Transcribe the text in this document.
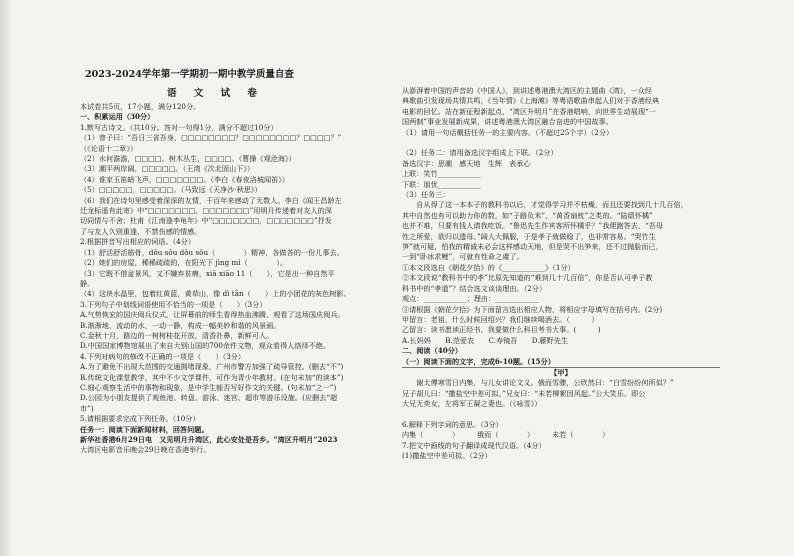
2023-2024学年第一学期初一期中教学质量自查
语 文 试 卷
本试卷共5页，17小题，满分120分。
一、积累运用（30分）
1.默写古诗文。（共10分。答对一句得1分，满分不超过10分）
（1）曾子曰：“吾日三省吾身，□□□□□□□□？□□□□□□□□？□□□□？”
（《论语十二章》）
（2）水何澹澹，□□□□。树木丛生，□□□□。（曹操《观沧海》）
（3）潮平两岸阔，□□□□□。（王湾《次北固山下》）
（4）谁家玉笛暗飞声，□□□□□□□。（李白《春夜洛城闻笛》）
（5）□□□□□，□□□□□。（马致远《天净沙·秋思》）
（6）我们在诗句里感受着深深的友情，千百年来感动了无数人。李白《闻王昌龄左
迁龙标遥有此寄》中“□□□□□□□，□□□□□□□”用明月传递着对友人的深
切同情与不舍；杜甫《江南逢李龟年》中“□□□□□□□，□□□□□□□”抒发
了与友人久别重逢、不禁伤感的情感。
2.根据拼音写出相应的词语。（4分）
（1）舒活舒活筋骨，dǒu sǒu dǒu sǒu（　　　　）精神，各做各的一份儿事去。
（2）她们的房屋，稀稀疏疏的，在阳光下 jìng mì（　　　　）。
（3）它既不借盆景风，又不嫌弃贫瘠，xiā xiāo 11（　　），它是出一种自然平
静。
（4）这块水晶里，包着红黄蓝，黄草山，像 dì tǎn（　　）上的小团花的灰色树影。
3.下列句子中划线词语使用不恰当的一项是（　　）（3分）
A.气势恢宏的国庆阅兵仪式，让屏幕前的师生看得热血沸腾，观看了这场国庆阅兵。
B.渐渐地，流动的水，一动一静，构成一幅美妙和谐的风景画。
C.金秋十月，路边的一树树桂花开放，清香扑鼻，新鲜可人。
D.中国国家博物馆展出了来自大别山国的700余件文物，观众看得人络绎不绝。
4.下列对病句的修改不正确的一项是（　　）（3分）
A.为了避免不出现大范围的交通拥堵现象，广州市警方加强了疏导管控。(删去“不”)
B.传统文化课堂教学，其中不少文学课件，可作为青少年教材。(在句末加“的读本”)
C.细心观察生活中的事物和现象，是中学生能否写好作文的关键。(句末加“之一”)
D.公园为小朋友提供了观鱼池、转盘、游泳、迷宫、超市等游乐设施。(应删去“超
市”)
5.请根据要求完成下列任务。（10分）
任务一：阅读下面新闻材料，回答问题。
新华社香港6月29日电　又见明月升湾区，此心安处是吾乡。“湾区升明月”2023
大湾区电影音乐晚会29日晚在香港举行。
从澎湃着中国的声音的《中国人》，到讲述粤港澳大湾区的主题曲《湾》，一众经
典歌曲引发现场共情共鸣，《当年情》《上海滩》等粤语歌曲串起人们对于香港经典
电影的回忆。站在新征程新起点，“湾区升明月”在香港唱响，向世界生动展现“一
国两制”事业发展新成果，讲述粤港澳大湾区融合奋进的中国故事。
（1）请用一句话概括任务一的主要内容。（不超过25个字）（2分）
（2）任务二：请用备选汉字组成上下联。（2分）
备选汉字：思潮　感天地　生辉　表承心
上联：笑竹____________
下联：朋忧____________
（3）任务三：
　　自从得了这一本本子的教科书以后，才觉得学习并不枯燥，而且还要找到几十几百倍，
其中自然也有可以助力你的数，如“子路负米”，“黄香扇枕”之类的。“陆绩怀橘”
也并不难，只要有钱人请我吃饭。“鲁迅先生作宾客所怀橘乎？”我便跑答去，“吾母
性之所爱，欲归以遗母。”阔人大佩服，于是孝子就做稳了，也非常容易。“哭竹生
笋”就可疑，怕我的精诚未必会这样感动天地，但是哭不出笋来，还不过抛脸而已，
一到“卧冰求鲤”，可就有性命之虞了。
①本文段选自《朝花夕拾》的《____________》（1分）
②本文段说“教科书中的孝”比原先知道的“难到几十几百倍”，你是否认可孝子教
科书中的“孝道”？结合选文谈谈理由。（2分）
观点：____________；理由：____________
③请根据《朝花夕拾》为下面留言选出相应人物，将相应字母填写在括号内。(2分)
甲留言：老祖，什么时候回绍兴？我们继续喝酒去。（　　　）
乙留言：读书愿读正经书，我要做什么科目考书大事。(　　　)
A.长妈妈　　B.范爱农　　C.寿镜吾　　D.藤野先生
二、阅读（40分）
（一）阅读下面的文字，完成6-10题。（15分）
【甲】
　　谢太傅寒雪日内集，与儿女讲论文义。俄而雪骤，公欣然曰：“白雪纷纷何所似？”
兄子胡儿曰：“撒盐空中差可拟。”兄女曰：“未若柳絮因风起。”公大笑乐。即公
大兄无奕女，左将军王凝之妻也。（《咏雪》）
6.解释下列字词的意思。（3分）
内集（　　　　）　　　俄而（　　　　）　　　未若（　　　　）
7.把文中画线的句子翻译成现代汉语。（4分）
(1)撒盐空中差可拟。（2分）
